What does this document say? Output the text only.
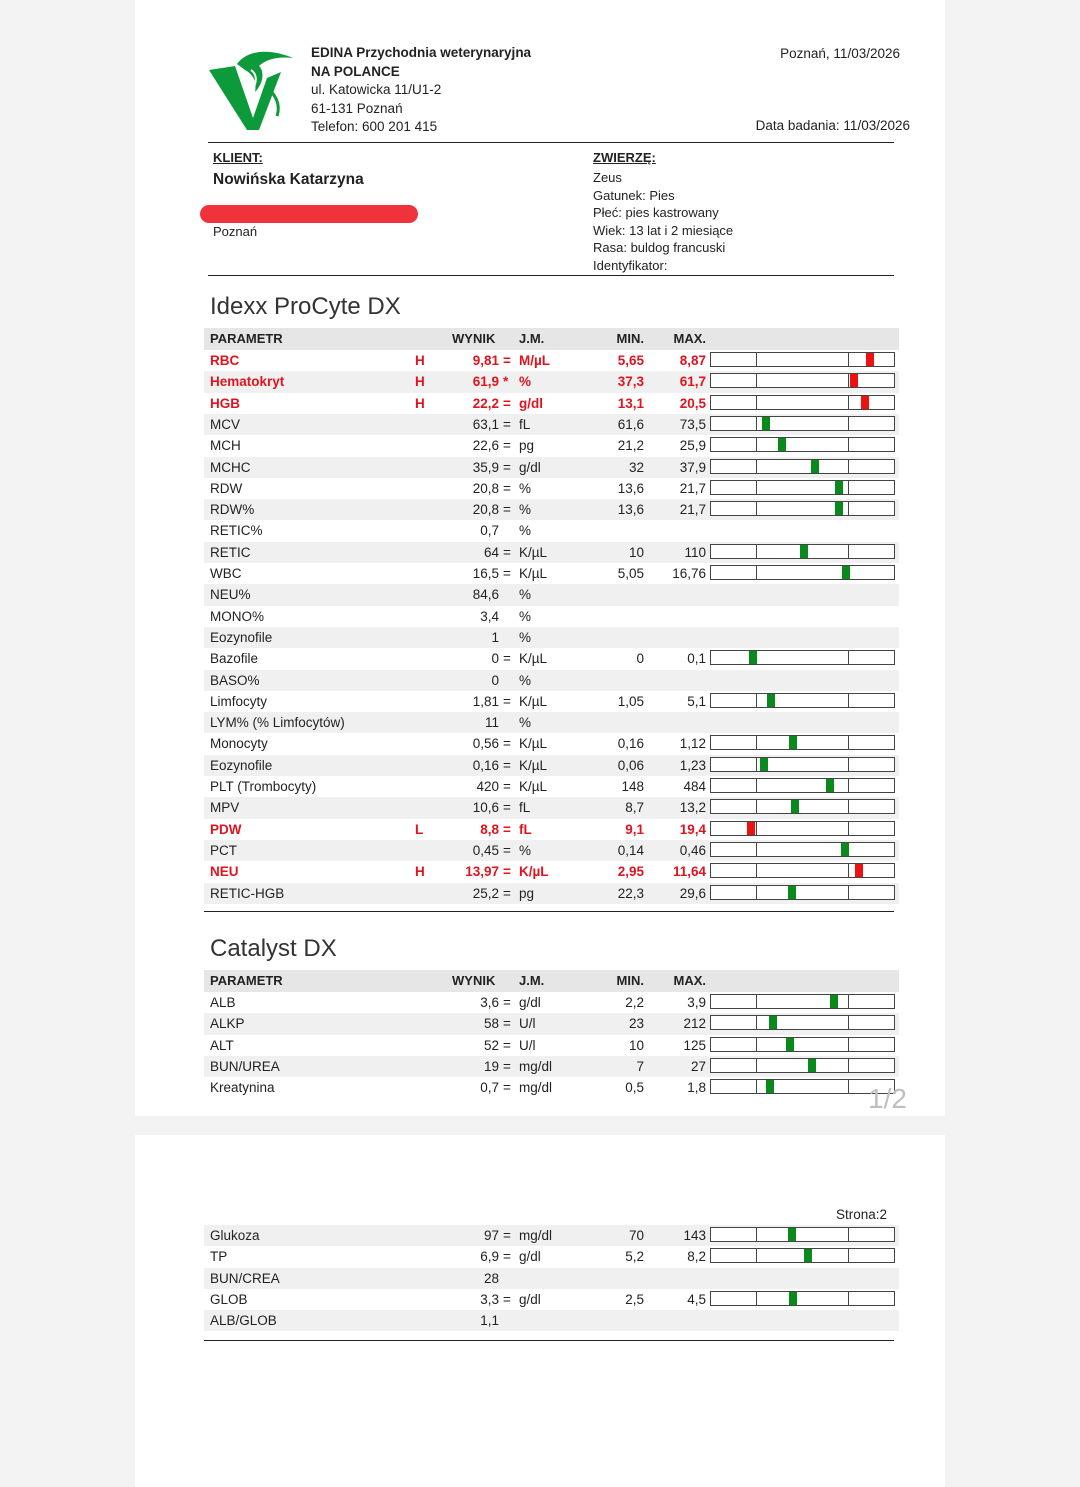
EDINA Przychodnia weterynaryjna
NA POLANCE
ul. Katowicka 11/U1-2
61-131 Poznań
Telefon: 600 201 415
Poznań, 11/03/2026
Data badania: 11/03/2026
KLIENT:
Nowińska Katarzyna
Poznań
ZWIERZĘ:
Zeus
Gatunek: Pies
Płeć: pies kastrowany
Wiek: 13 lat i 2 miesiące
Rasa: buldog francuski
Identyfikator:
Idexx ProCyte DX
PARAMETR	WYNIK J.M.	MIN. MAX.
RBC	H	9,81 = M/µL	5,65	8,87
Hematokryt	H	61,9 * %	37,3	61,7
HGB	H	22,2 = g/dl	13,1	20,5
MCV	63,1 = fL	61,6	73,5
MCH	22,6 = pg	21,2	25,9
MCHC	35,9 = g/dl	32	37,9
RDW	20,8 = %	13,6	21,7
RDW%	20,8 = %	13,6	21,7
RETIC%	0,7 %
RETIC	64 = K/µL	10	110
WBC	16,5 = K/µL	5,05 16,76
NEU%	84,6 %
MONO%	3,4 %
Eozynofile	1 %
Bazofile	0 = K/µL	0	0,1
BASO%	0 %
Limfocyty	1,81 = K/µL	1,05	5,1
LYM% (% Limfocytów)	11 %
Monocyty	0,56 = K/µL	0,16	1,12
Eozynofile	0,16 = K/µL	0,06	1,23
PLT (Trombocyty)	420 = K/µL	148	484
MPV	10,6 = fL	8,7	13,2
PDW	L	8,8 = fL	9,1	19,4
PCT	0,45 = %	0,14	0,46
NEU	H	13,97 = K/µL	2,95 11,64
RETIC-HGB	25,2 = pg	22,3	29,6
Catalyst DX
PARAMETR	WYNIK J.M.	MIN. MAX.
ALB	3,6 = g/dl	2,2	3,9
ALKP	58 = U/l	23	212
ALT	52 = U/l	10	125
BUN/UREA	19 = mg/dl	7	27
Kreatynina	0,7 = mg/dl	0,5	1,8	1/2
Strona:2
Glukoza	97 = mg/dl	70	143
TP	6,9 = g/dl	5,2	8,2
BUN/CREA	28
GLOB	3,3 = g/dl	2,5	4,5
ALB/GLOB	1,1
